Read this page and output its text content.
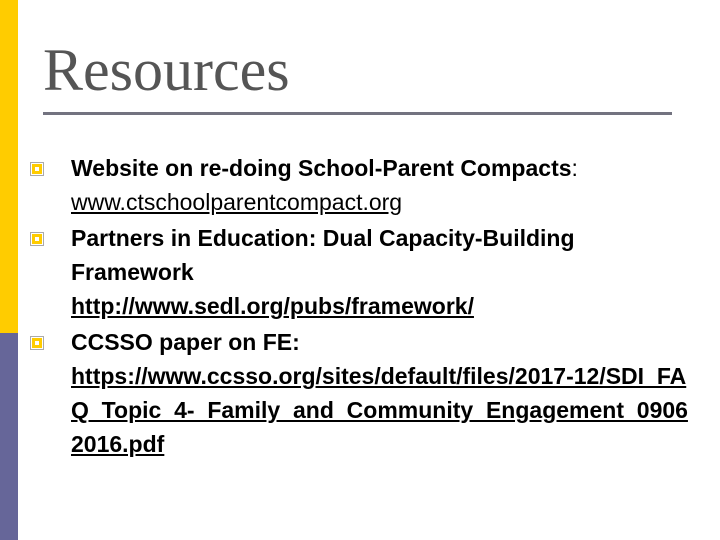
Resources
Website on re-doing School-Parent Compacts: www.ctschoolparentcompact.org
Partners in Education: Dual Capacity-Building Framework
http://www.sedl.org/pubs/framework/
CCSSO paper on FE:
https://www.ccsso.org/sites/default/files/2017-12/SDI_FAQ_Topic_4-_Family_and_Community_Engagement_09062016.pdf
